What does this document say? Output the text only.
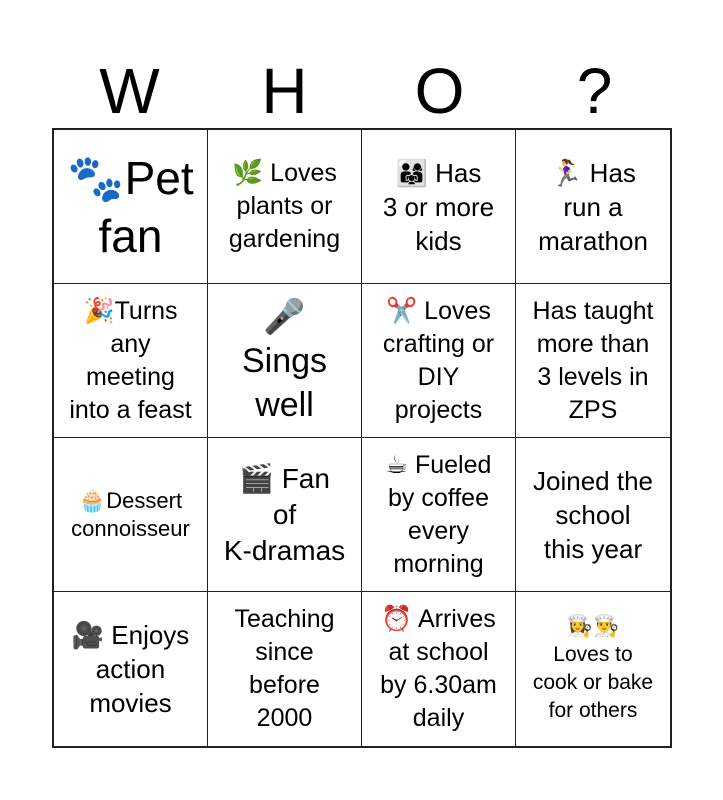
W	H	O	?
🐾Pet
fan
🌿 Loves
plants or
gardening
👨‍👩‍👧 Has
3 or more
kids
🏃‍♀️ Has
run a
marathon
🎉Turns
any
meeting
into a feast
🎤
Sings
well
✂️ Loves
crafting or
DIY
projects
Has taught
more than
3 levels in
ZPS
🧁Dessert
connoisseur
🎬 Fan
of
K-dramas
☕ Fueled
by coffee
every
morning
Joined the
school
this year
🎥 Enjoys
action
movies
Teaching
since
before
2000
⏰ Arrives
at school
by 6.30am
daily
👩‍🍳👨‍🍳
Loves to
cook or bake
for others
